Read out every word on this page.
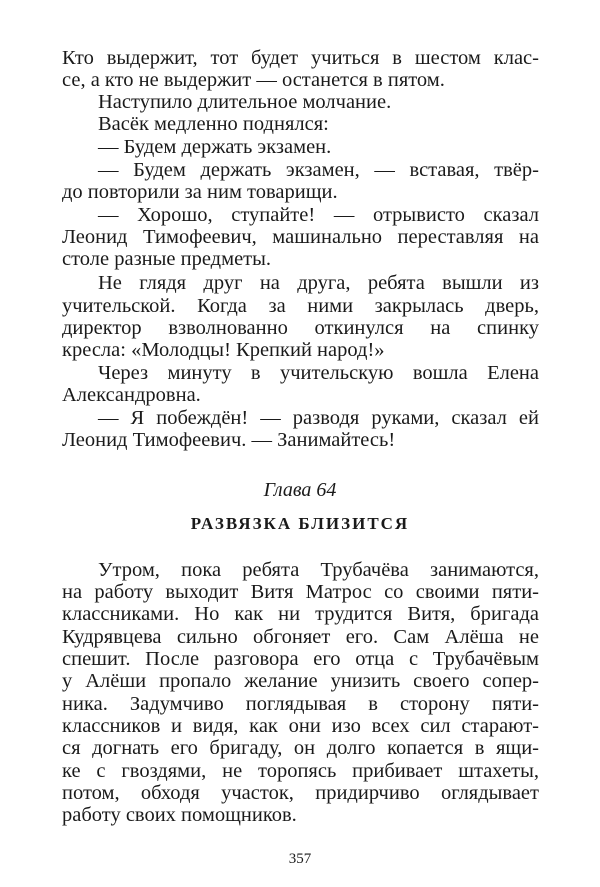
Кто выдержит, тот будет учиться в шестом клас-
се, а кто не выдержит — останется в пятом.
Наступило длительное молчание.
Васёк медленно поднялся:
— Будем держать экзамен.
— Будем держать экзамен, — вставая, твёр-
до повторили за ним товарищи.
— Хорошо, ступайте! — отрывисто сказал
Леонид Тимофеевич, машинально переставляя на
столе разные предметы.
Не глядя друг на друга, ребята вышли из
учительской. Когда за ними закрылась дверь,
директор взволнованно откинулся на спинку
кресла: «Молодцы! Крепкий народ!»
Через минуту в учительскую вошла Елена
Александровна.
— Я побеждён! — разводя руками, сказал ей
Леонид Тимофеевич. — Занимайтесь!
Глава 64
РАЗВЯЗКА БЛИЗИТСЯ
Утром, пока ребята Трубачёва занимаются,
на работу выходит Витя Матрос со своими пяти-
классниками. Но как ни трудится Витя, бригада
Кудрявцева сильно обгоняет его. Сам Алёша не
спешит. После разговора его отца с Трубачёвым
у Алёши пропало желание унизить своего сопер-
ника. Задумчиво поглядывая в сторону пяти-
классников и видя, как они изо всех сил старают-
ся догнать его бригаду, он долго копается в ящи-
ке с гвоздями, не торопясь прибивает штахеты,
потом, обходя участок, придирчиво оглядывает
работу своих помощников.
357
